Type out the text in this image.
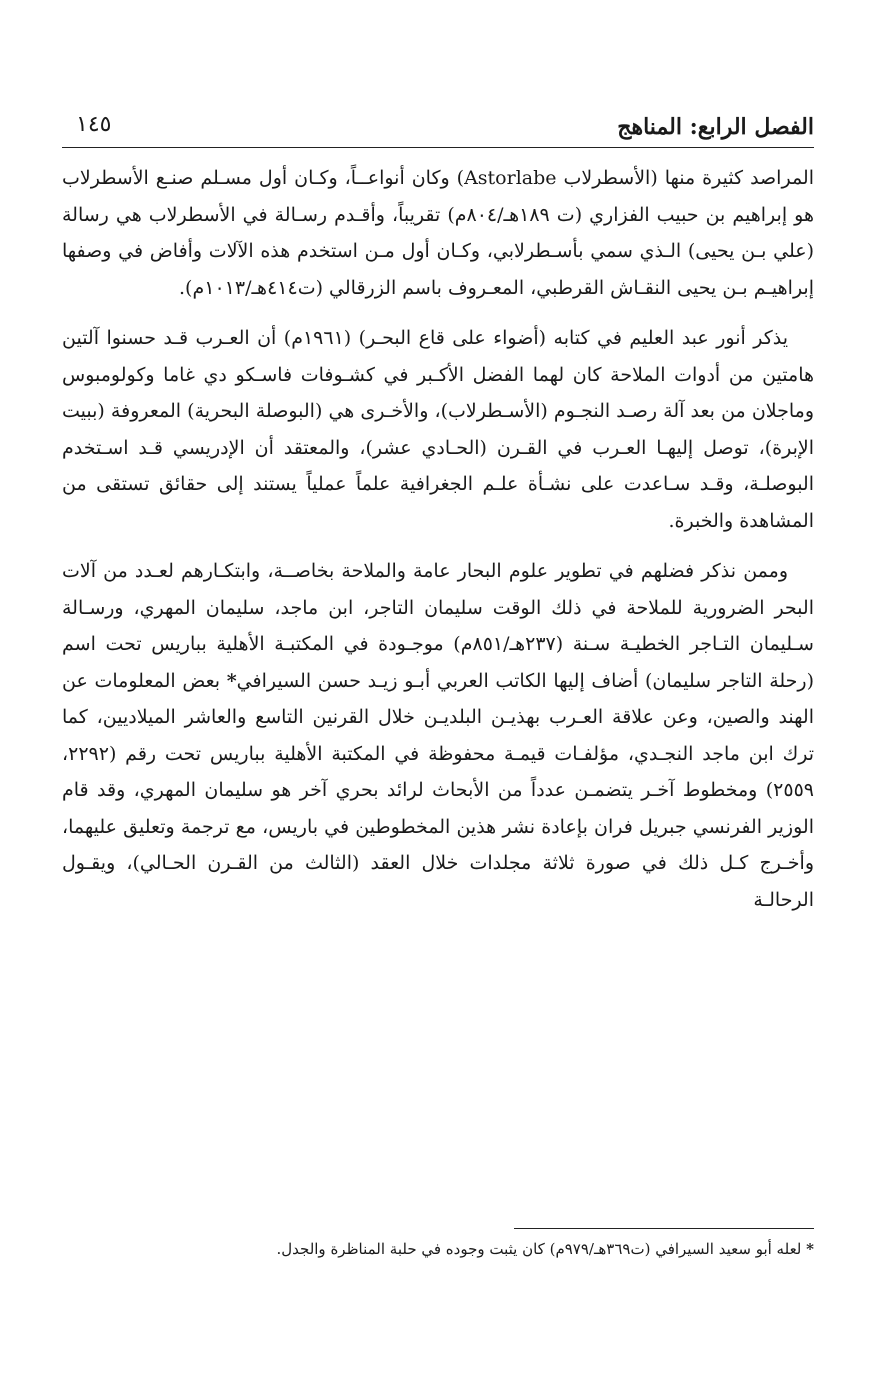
الفصل الرابع: المناهج
١٤٥

المراصد كثيرة منها (الأسطرلاب Astorlabe) وكان أنواعــاً، وكـان أول مسـلم صنـع الأسطرلاب هو إبراهيم بن حبيب الفزاري (ت ١٨٩هـ/٨٠٤م) تقريباً، وأقـدم رسـالة في الأسطرلاب هي رسالة (علي بـن يحيى) الـذي سمي بأسـطرلابي، وكـان أول مـن استخدم هذه الآلات وأفاض في وصفها إبراهيـم بـن يحيى النقـاش القرطبي، المعـروف باسم الزرقالي (ت٤١٤هـ/١٠١٣م).

يذكر أنور عبد العليم في كتابه (أضواء على قاع البحـر) (١٩٦١م) أن العـرب قـد حسنوا آلتين هامتين من أدوات الملاحة كان لهما الفضل الأكـبر في كشـوفات فاسـكو دي غاما وكولومبوس وماجلان من بعد آلة رصـد النجـوم (الأسـطرلاب)، والأخـرى هي (البوصلة البحرية) المعروفة (ببيت الإبرة)، توصل إليهـا العـرب في القـرن (الحـادي عشر)، والمعتقد أن الإدريسي قـد اسـتخدم البوصلـة، وقـد سـاعدت على نشـأة علـم الجغرافية علماً عملياً يستند إلى حقائق تستقى من المشاهدة والخبرة.

وممن نذكر فضلهم في تطوير علوم البحار عامة والملاحة بخاصــة، وابتكـارهم لعـدد من آلات البحر الضرورية للملاحة في ذلك الوقت سليمان التاجر، ابن ماجد، سليمان المهري، ورسـالة سـليمان التـاجر الخطيـة سـنة (٢٣٧هـ/٨٥١م) موجـودة في المكتبـة الأهلية بباريس تحت اسم (رحلة التاجر سليمان) أضاف إليها الكاتب العربي أبـو زيـد حسن السيرافي* بعض المعلومات عن الهند والصين، وعن علاقة العـرب بهذيـن البلديـن خلال القرنين التاسع والعاشر الميلاديين، كما ترك ابن ماجد النجـدي، مؤلفـات قيمـة محفوظة في المكتبة الأهلية بباريس تحت رقم (٢٢٩٢، ٢٥٥٩) ومخطوط آخـر يتضمـن عدداً من الأبحاث لرائد بحري آخر هو سليمان المهري، وقد قام الوزير الفرنسي جبريل فران بإعادة نشر هذين المخطوطين في باريس، مع ترجمة وتعليق عليهما، وأخـرج كـل ذلك في صورة ثلاثة مجلدات خلال العقد (الثالث من القـرن الحـالي)، ويقـول الرحالـة

* لعله أبو سعيد السيرافي (ت٣٦٩هـ/٩٧٩م) كان يثبت وجوده في حلبة المناظرة والجدل.
